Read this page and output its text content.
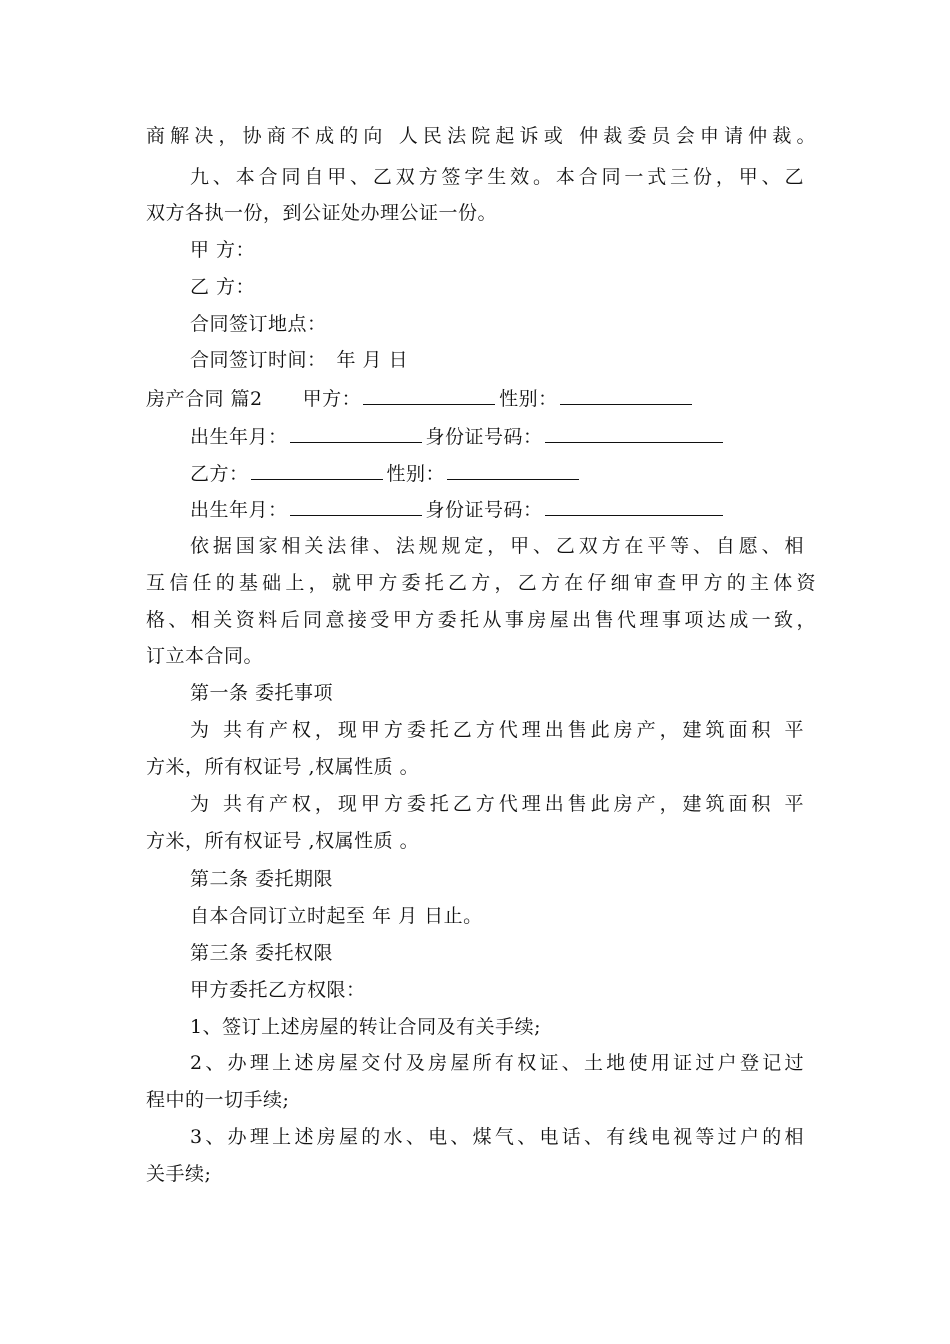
商解决，协商不成的向 人民法院起诉或 仲裁委员会申请仲裁。
九、本合同自甲、乙双方签字生效。本合同一式三份，甲、乙
双方各执一份，到公证处办理公证一份。
甲 方：
乙 方：
合同签订地点：
合同签订时间：　年 月 日
房产合同 篇2 甲方：	性别：
出生年月：	身份证号码：
乙方：	性别：
出生年月：	身份证号码：
依据国家相关法律、法规规定，甲、乙双方在平等、自愿、相
互信任的基础上，就甲方委托乙方，乙方在仔细审查甲方的主体资
格、相关资料后同意接受甲方委托从事房屋出售代理事项达成一致，
订立本合同。
第一条 委托事项
为 共有产权，现甲方委托乙方代理出售此房产，建筑面积 平
方米，所有权证号 ,权属性质 。
为 共有产权，现甲方委托乙方代理出售此房产，建筑面积 平
方米，所有权证号 ,权属性质 。
第二条 委托期限
自本合同订立时起至 年 月 日止。
第三条 委托权限
甲方委托乙方权限：
1、签订上述房屋的转让合同及有关手续;
2、办理上述房屋交付及房屋所有权证、土地使用证过户登记过
程中的一切手续;
3、办理上述房屋的水、电、煤气、电话、有线电视等过户的相
关手续;
